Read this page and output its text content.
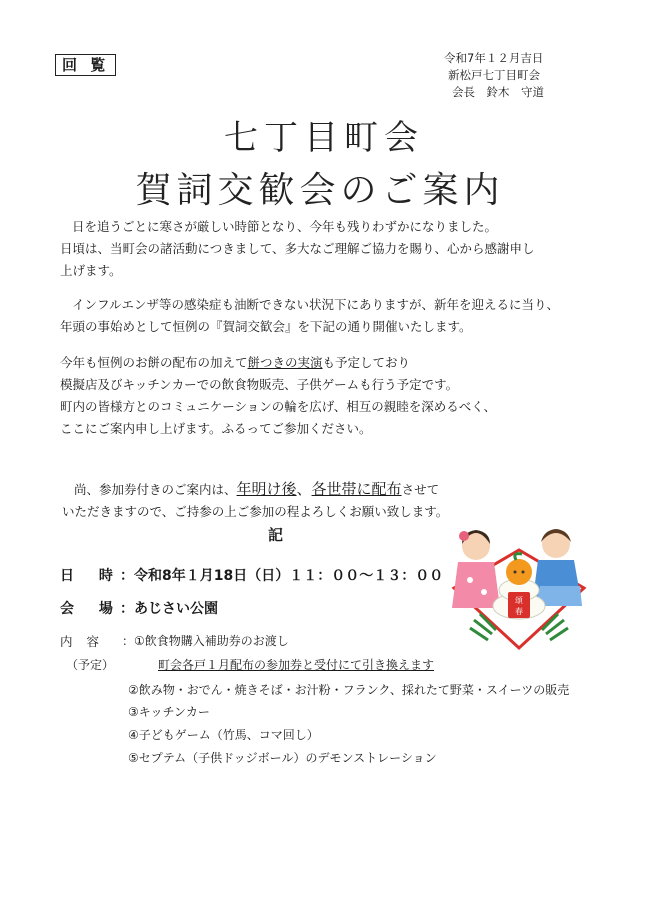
回 覧	令和7年１２月吉日
新松戸七丁目町会
会長　鈴木　守道
七丁目町会
賀詞交歓会のご案内
日を追うごとに寒さが厳しい時節となり、今年も残りわずかになりました。
日頃は、当町会の諸活動につきまして、多大なご理解ご協力を賜り、心から感謝申し
上げます。
インフルエンザ等の感染症も油断できない状況下にありますが、新年を迎えるに当り、
年頭の事始めとして恒例の『賀詞交歓会』を下記の通り開催いたします。
今年も恒例のお餅の配布の加えて餅つきの実演も予定しており
模擬店及びキッチンカーでの飲食物販売、子供ゲームも行う予定です。
町内の皆様方とのコミュニケーションの輪を広げ、相互の親睦を深めるべく、
ここにご案内申し上げます。ふるってご参加ください。
尚、参加券付きのご案内は、年明け後、各世帯に配布させて
いただきますので、ご持参の上ご参加の程よろしくお願い致します。
記
日 時
：令和8年１月18日（日）１１：００～１３：００
会 場
：あじさい公園
内 容
（予定）
：①飲食物購入補助券のお渡し
町会各戸１月配布の参加券と受付にて引き換えます
②飲み物・おでん・焼きそば・お汁粉・フランク、採れたて野菜・スイーツの販売
③キッチンカー
④子どもゲーム（竹馬、コマ回し）
⑤セプテム（子供ドッジボール）のデモンストレーション
頌
春
